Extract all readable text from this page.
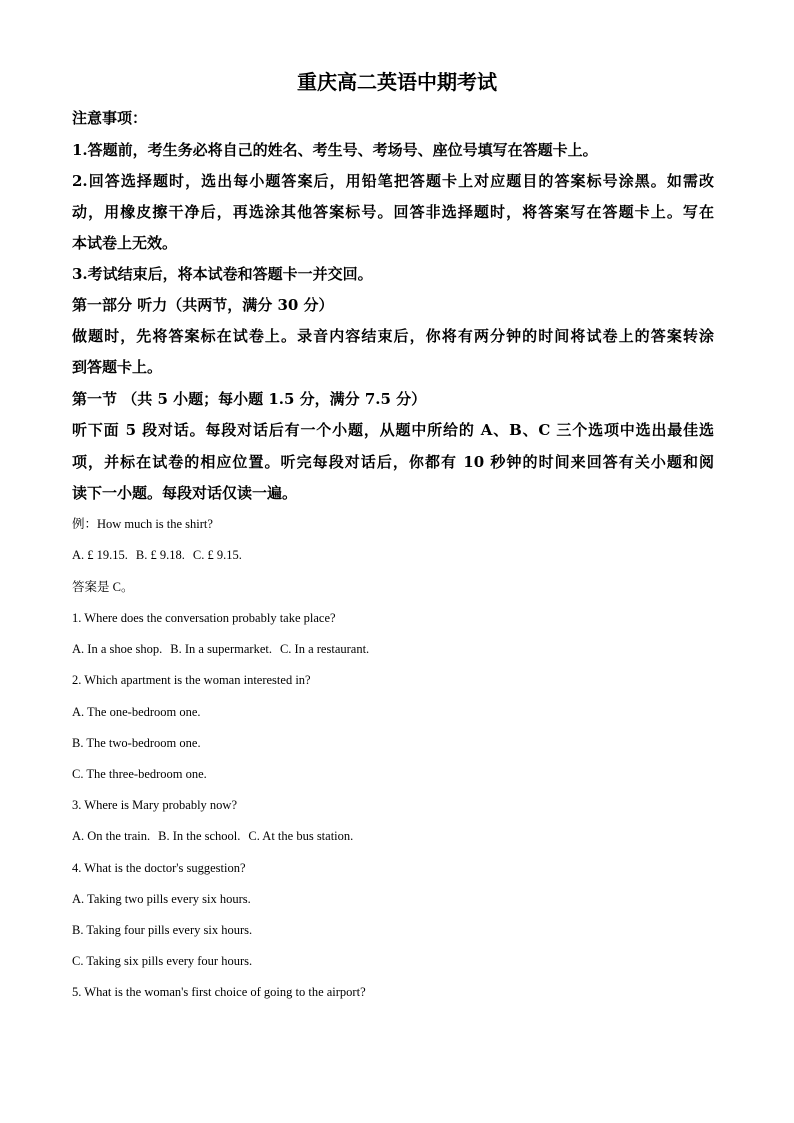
重庆高二英语中期考试
注意事项：
1.答题前，考生务必将自己的姓名、考生号、考场号、座位号填写在答题卡上。
2.回答选择题时，选出每小题答案后，用铅笔把答题卡上对应题目的答案标号涂黑。如需改
动，用橡皮擦干净后，再选涂其他答案标号。回答非选择题时，将答案写在答题卡上。写在
本试卷上无效。
3.考试结束后，将本试卷和答题卡一并交回。
第一部分 听力（共两节，满分 30 分）
做题时，先将答案标在试卷上。录音内容结束后，你将有两分钟的时间将试卷上的答案转涂
到答题卡上。
第一节 （共 5 小题；每小题 1.5 分，满分 7.5 分）
听下面 5 段对话。每段对话后有一个小题，从题中所给的 A、B、C 三个选项中选出最佳选
项，并标在试卷的相应位置。听完每段对话后，你都有 10 秒钟的时间来回答有关小题和阅
读下一小题。每段对话仅读一遍。
例：How much is the shirt?
A. £ 19.15. B. £ 9.18. C. £ 9.15.
答案是 C。
1. Where does the conversation probably take place?
A. In a shoe shop. B. In a supermarket. C. In a restaurant.
2. Which apartment is the woman interested in?
A. The one-bedroom one.
B. The two-bedroom one.
C. The three-bedroom one.
3. Where is Mary probably now?
A. On the train. B. In the school. C. At the bus station.
4. What is the doctor's suggestion?
A. Taking two pills every six hours.
B. Taking four pills every six hours.
C. Taking six pills every four hours.
5. What is the woman's first choice of going to the airport?
